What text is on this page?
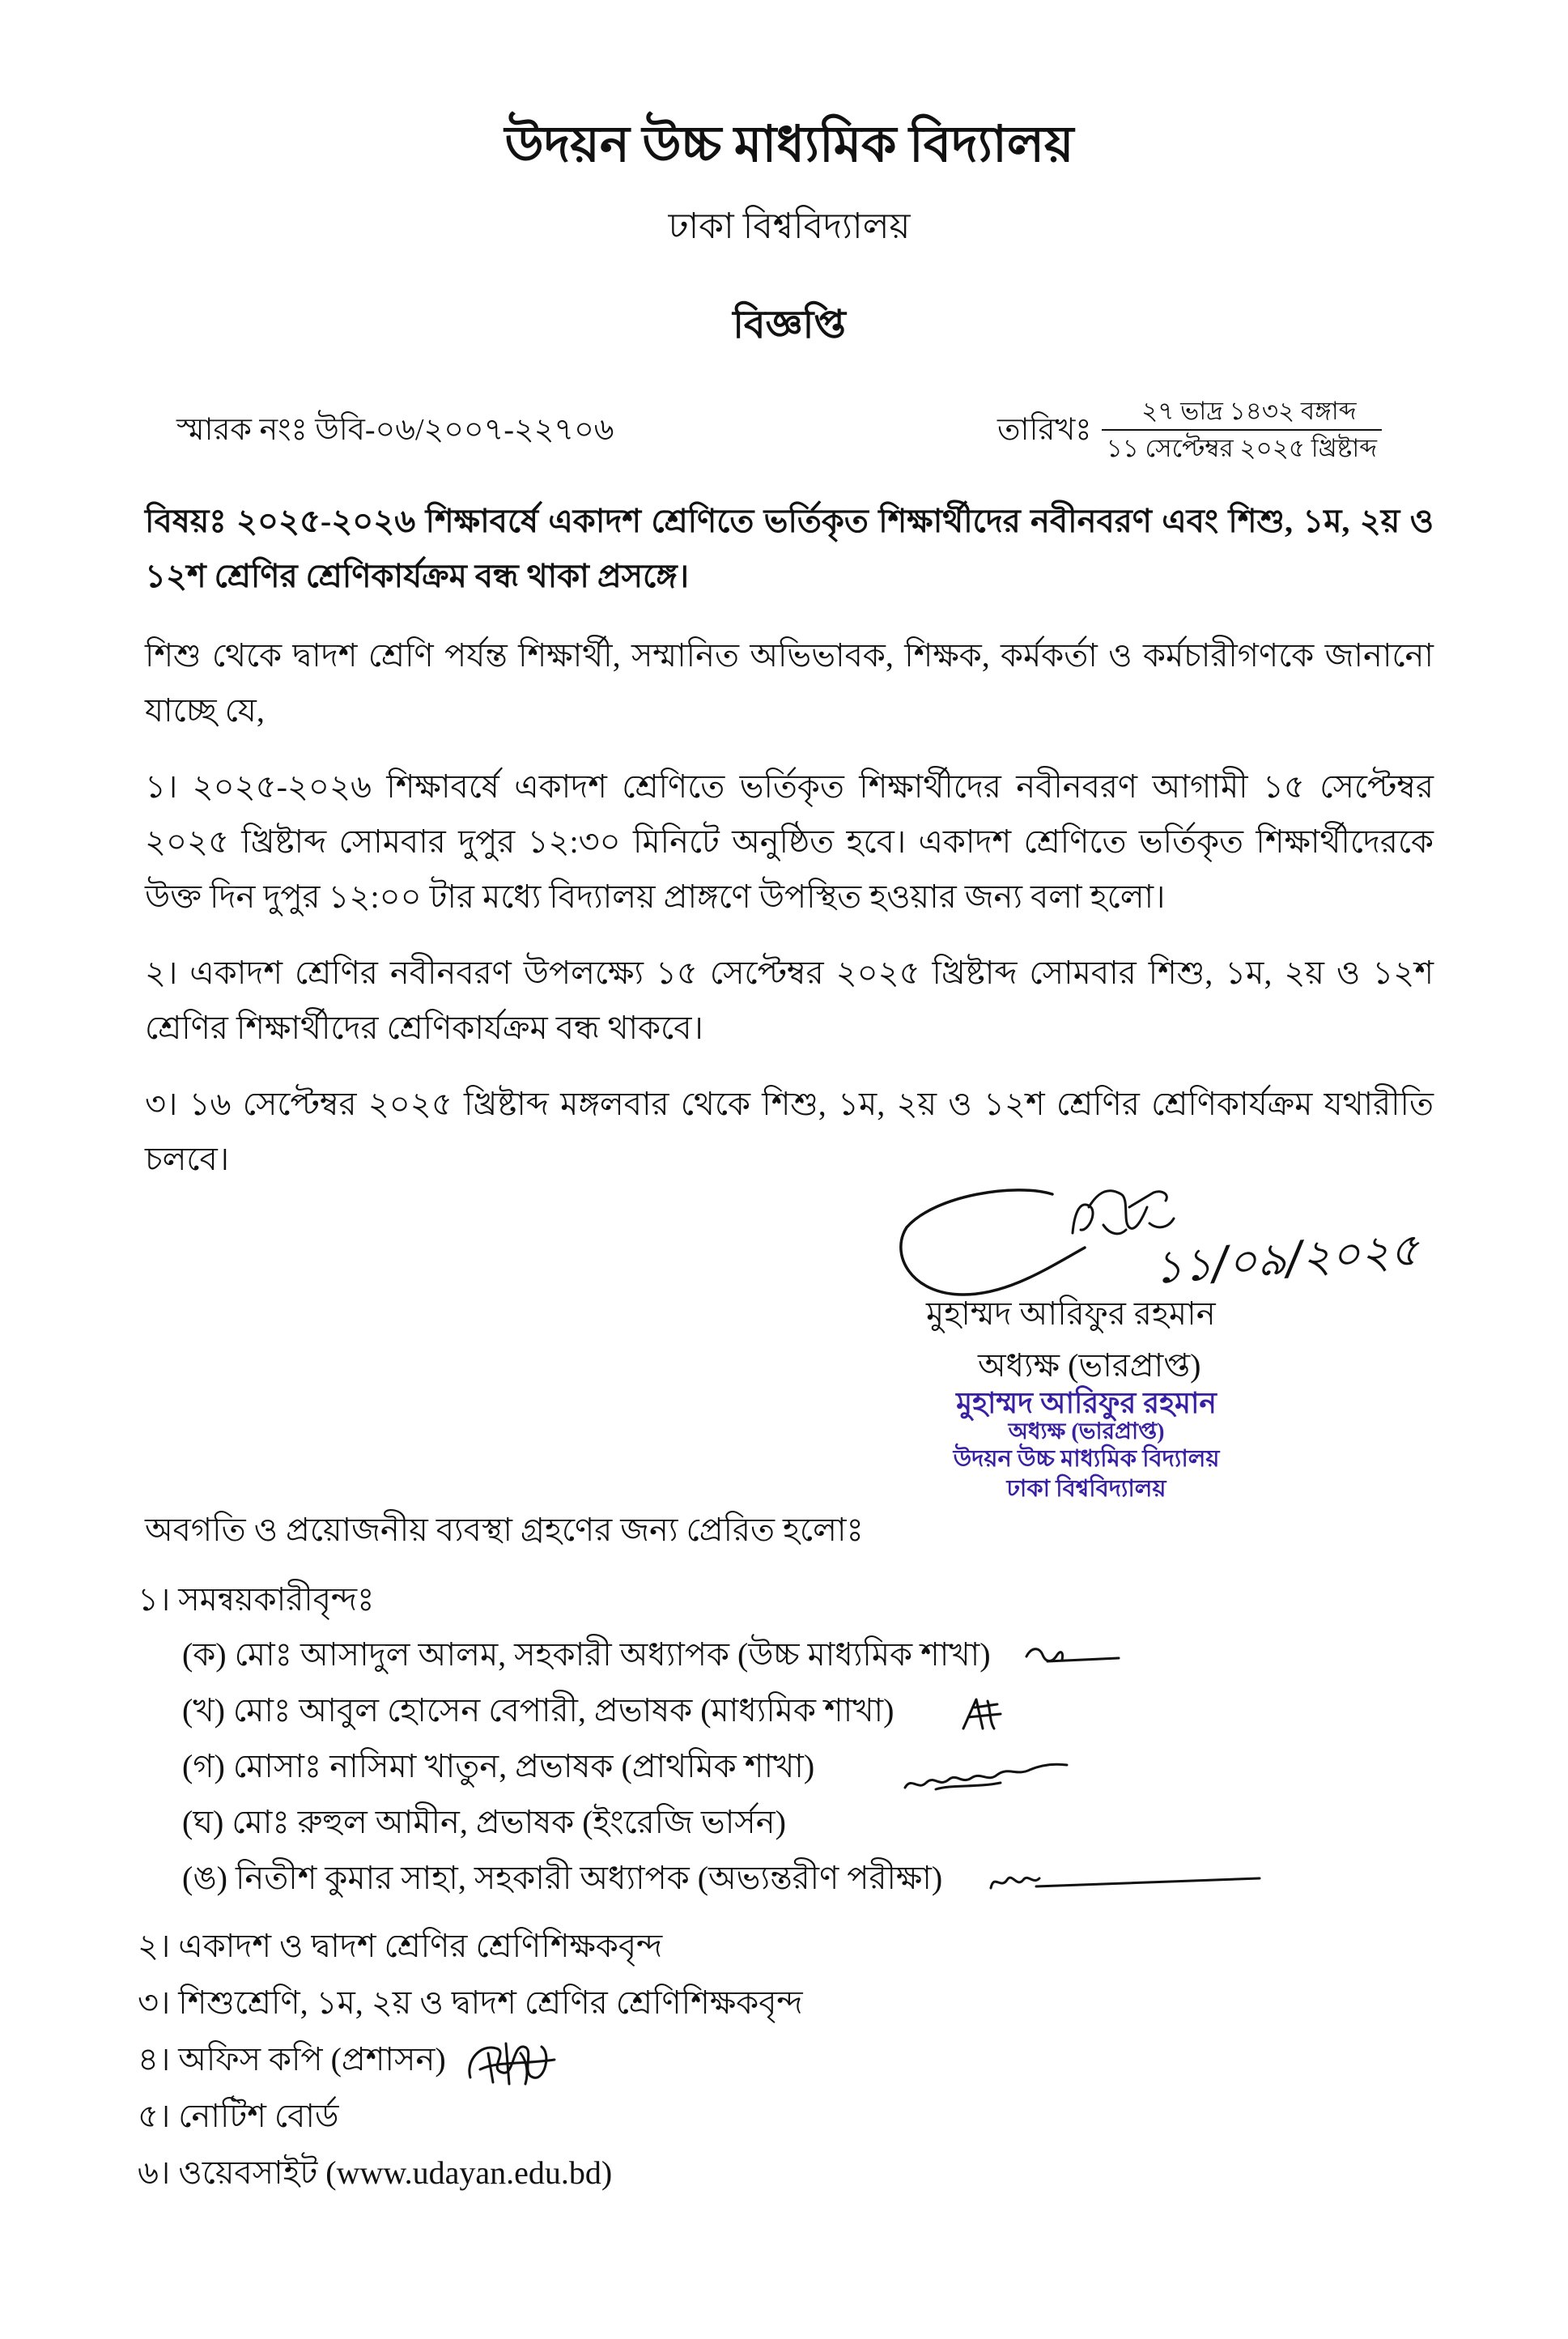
উদয়ন উচ্চ মাধ্যমিক বিদ্যালয়
ঢাকা বিশ্ববিদ্যালয়
বিজ্ঞপ্তি
স্মারক নংঃ উবি-০৬/২০০৭-২২৭০৬	তারিখঃ $\frac{\text{২৭ ভাদ্র ১৪৩২ বঙ্গাব্দ}}{\text{১১ সেপ্টেম্বর ২০২৫ খ্রিষ্টাব্দ}}$
বিষয়ঃ ২০২৫-২০২৬ শিক্ষাবর্ষে একাদশ শ্রেণিতে ভর্তিকৃত শিক্ষার্থীদের নবীনবরণ এবং শিশু, ১ম, ২য় ও ১২শ শ্রেণির শ্রেণিকার্যক্রম বন্ধ থাকা প্রসঙ্গে।

শিশু থেকে দ্বাদশ শ্রেণি পর্যন্ত শিক্ষার্থী, সম্মানিত অভিভাবক, শিক্ষক, কর্মকর্তা ও কর্মচারীগণকে জানানো যাচ্ছে যে,

১। ২০২৫-২০২৬ শিক্ষাবর্ষে একাদশ শ্রেণিতে ভর্তিকৃত শিক্ষার্থীদের নবীনবরণ আগামী ১৫ সেপ্টেম্বর ২০২৫ খ্রিষ্টাব্দ সোমবার দুপুর ১২:৩০ মিনিটে অনুষ্ঠিত হবে। একাদশ শ্রেণিতে ভর্তিকৃত শিক্ষার্থীদেরকে উক্ত দিন দুপুর ১২:০০ টার মধ্যে বিদ্যালয় প্রাঙ্গণে উপস্থিত হওয়ার জন্য বলা হলো।

২। একাদশ শ্রেণির নবীনবরণ উপলক্ষ্যে ১৫ সেপ্টেম্বর ২০২৫ খ্রিষ্টাব্দ সোমবার শিশু, ১ম, ২য় ও ১২শ শ্রেণির শিক্ষার্থীদের শ্রেণিকার্যক্রম বন্ধ থাকবে।

৩। ১৬ সেপ্টেম্বর ২০২৫ খ্রিষ্টাব্দ মঙ্গলবার থেকে শিশু, ১ম, ২য় ও ১২শ শ্রেণির শ্রেণিকার্যক্রম যথারীতি চলবে।

১১/০৯/২০২৫
মুহাম্মদ আরিফুর রহমান
অধ্যক্ষ (ভারপ্রাপ্ত)
মুহাম্মদ আরিফুর রহমান
অধ্যক্ষ (ভারপ্রাপ্ত)
উদয়ন উচ্চ মাধ্যমিক বিদ্যালয়
ঢাকা বিশ্ববিদ্যালয়
অবগতি ও প্রয়োজনীয় ব্যবস্থা গ্রহণের জন্য প্রেরিত হলোঃ
১। সমন্বয়কারীবৃন্দঃ
(ক) মোঃ আসাদুল আলম, সহকারী অধ্যাপক (উচ্চ মাধ্যমিক শাখা)
(খ) মোঃ আবুল হোসেন বেপারী, প্রভাষক (মাধ্যমিক শাখা)
(গ) মোসাঃ নাসিমা খাতুন, প্রভাষক (প্রাথমিক শাখা)
(ঘ) মোঃ রুহুল আমীন, প্রভাষক (ইংরেজি ভার্সন)
(ঙ) নিতীশ কুমার সাহা, সহকারী অধ্যাপক (অভ্যন্তরীণ পরীক্ষা)
২। একাদশ ও দ্বাদশ শ্রেণির শ্রেণিশিক্ষকবৃন্দ
৩। শিশুশ্রেণি, ১ম, ২য় ও দ্বাদশ শ্রেণির শ্রেণিশিক্ষকবৃন্দ
৪। অফিস কপি (প্রশাসন)
৫। নোটিশ বোর্ড
৬। ওয়েবসাইট (www.udayan.edu.bd)
